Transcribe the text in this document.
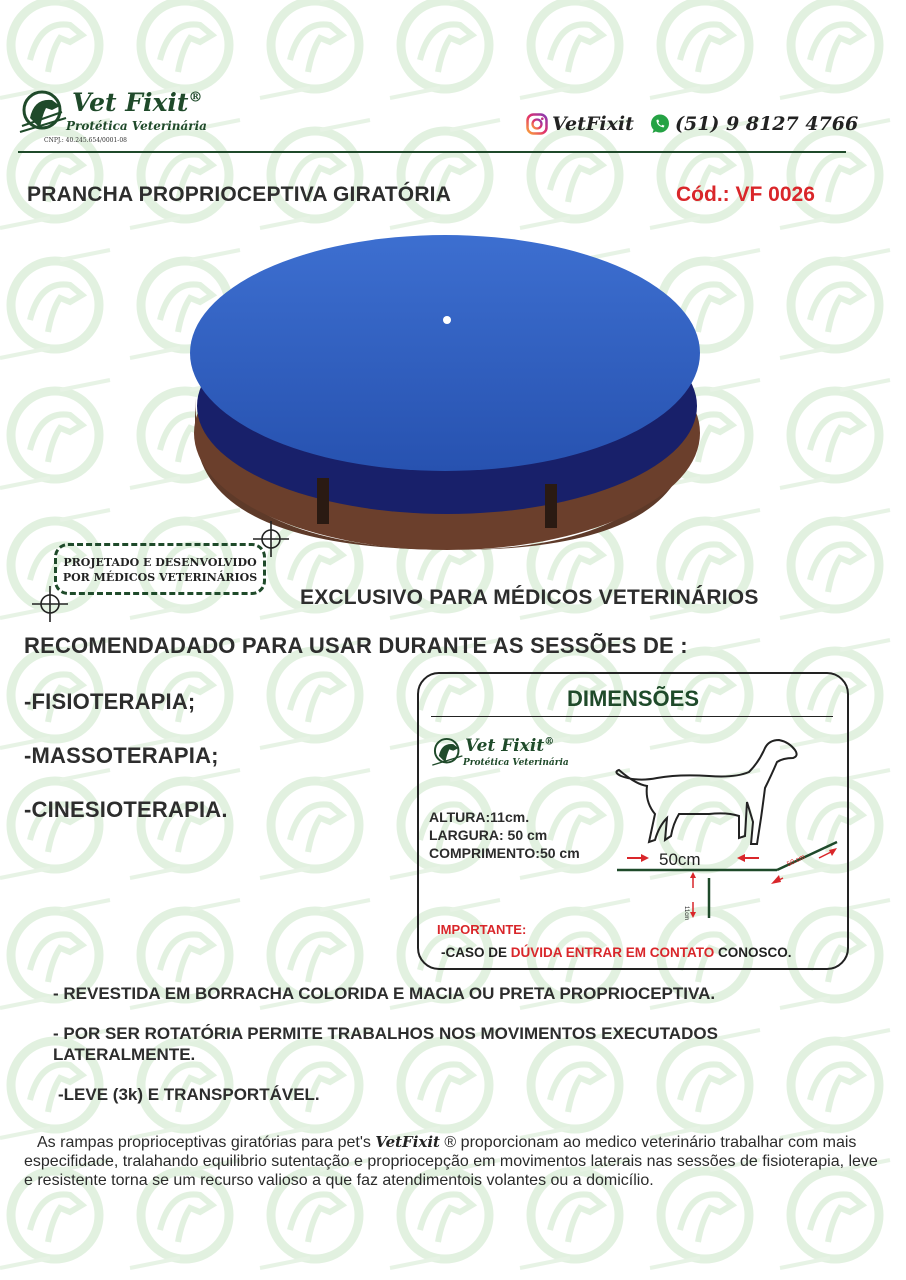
Vet Fixit®
Protética Veterinária
CNPJ.: 40.245.654/0001-08
VetFixit (51) 9 8127 4766
PRANCHA PROPRIOCEPTIVA GIRATÓRIA	Cód.: VF 0026
PROJETADO E DESENVOLVIDO
POR MÉDICOS VETERINÁRIOS
EXCLUSIVO PARA MÉDICOS VETERINÁRIOS
RECOMENDADADO PARA USAR DURANTE AS SESSÕES DE :
-FISIOTERAPIA;
-MASSOTERAPIA;
-CINESIOTERAPIA.
DIMENSÕES
Vet Fixit®
Protética Veterinária
ALTURA:11cm.
LARGURA: 50 cm
COMPRIMENTO:50 cm	50cm	50 cm
11cm
IMPORTANTE:
-CASO DE DÚVIDA ENTRAR EM CONTATO CONOSCO.
- REVESTIDA EM BORRACHA COLORIDA E MACIA OU PRETA PROPRIOCEPTIVA.
- POR SER ROTATÓRIA PERMITE TRABALHOS NOS MOVIMENTOS EXECUTADOS LATERALMENTE.
-LEVE (3k) E TRANSPORTÁVEL.
As rampas proprioceptivas giratórias para pet's VetFixit ® proporcionam ao medico veterinário trabalhar com mais especifidade, tralahando equilibrio sutentação e propriocepção em movimentos laterais nas sessões de fisioterapia, leve e resistente torna se um recurso valioso a que faz atendimentois volantes ou a domicílio.
